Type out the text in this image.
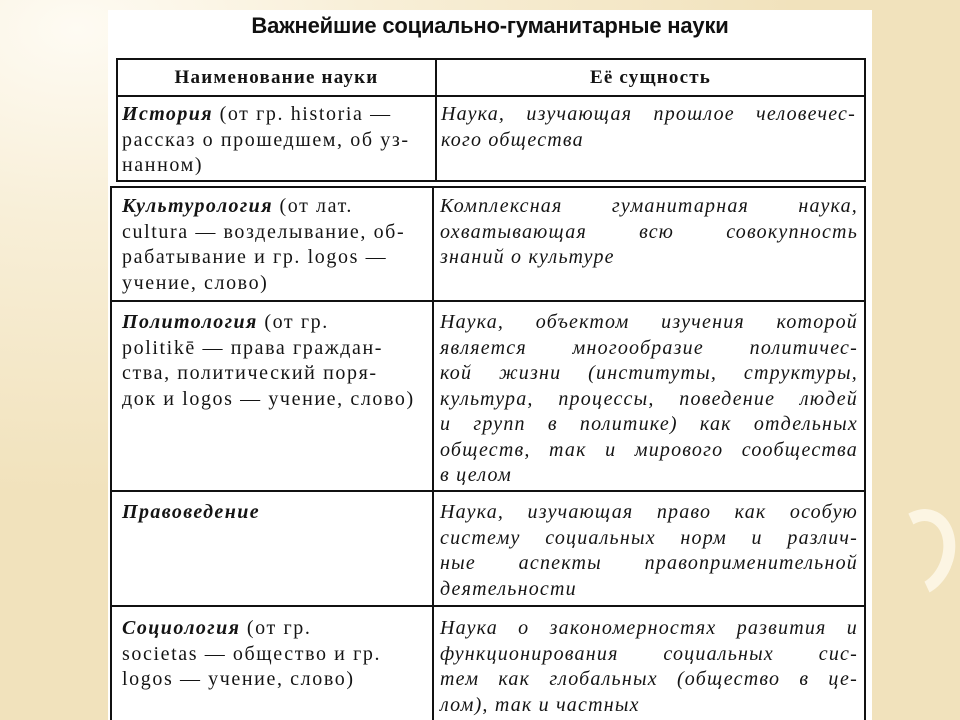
Важнейшие социально-гуманитарные науки
Наименование науки	Её сущность
История (от гр. historia —
рассказ о прошедшем, об уз-
нанном)
Наука, изучающая прошлое человечес-
кого общества
Культурология (от лат.
cultura — возделывание, об-
рабатывание и гр. logos —
учение, слово)
Комплексная гуманитарная наука,
охватывающая всю совокупность
знаний о культуре
Политология (от гр.
politikē — права граждан-
ства, политический поря-
док и logos — учение, слово)
Наука, объектом изучения которой
является многообразие политичес-
кой жизни (институты, структуры,
культура, процессы, поведение людей
и групп в политике) как отдельных
обществ, так и мирового сообщества
в целом
Правоведение	Наука, изучающая право как особую
систему социальных норм и различ-
ные аспекты правоприменительной
деятельности
Социология (от гр.
societas — общество и гр.
logos — учение, слово)
Наука о закономерностях развития и
функционирования социальных сис-
тем как глобальных (общество в це-
лом), так и частных
